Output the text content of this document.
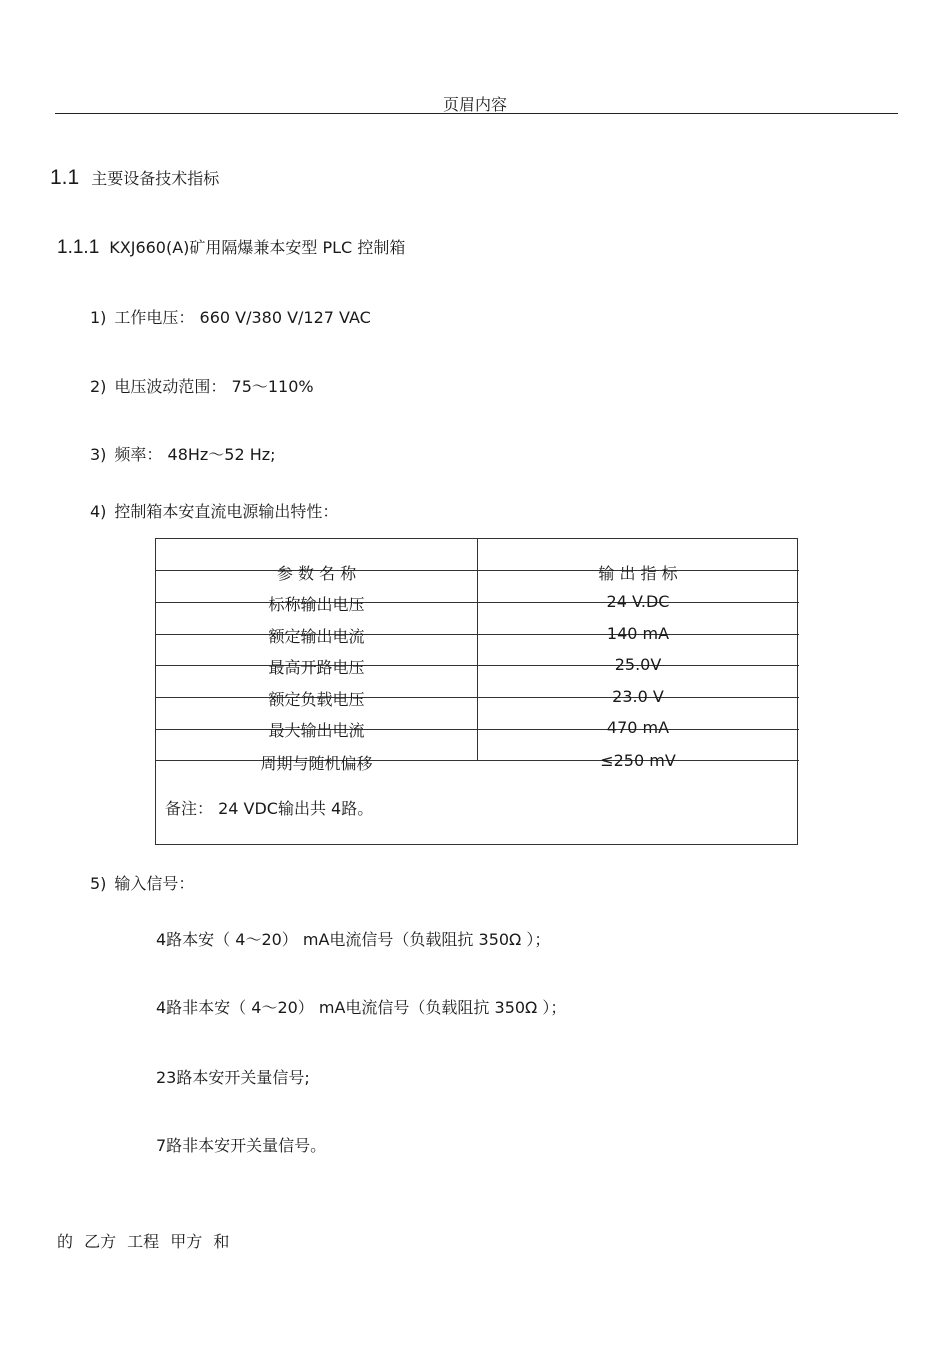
页眉内容
1.1 主要设备技术指标
1.1.1 KXJ660(A)矿用隔爆兼本安型 PLC 控制箱
1) 工作电压： 660 V/380 V/127 VAC
2) 电压波动范围： 75～110%
3) 频率： 48Hz～52 Hz;
4) 控制箱本安直流电源输出特性：
参 数 名 称	输 出 指 标
标称输出电压	24 V.DC
额定输出电流	140 mA
最高开路电压	25.0V
额定负载电压	23.0 V
最大输出电流	470 mA
周期与随机偏移	≤250 mV
备注： 24 VDC输出共 4路。
5) 输入信号：
4路本安（ 4～20） mA电流信号（负载阻抗 350Ω ）；
4路非本安（ 4～20） mA电流信号（负载阻抗 350Ω ）；
23路本安开关量信号;
7路非本安开关量信号。
的 乙方 工程 甲方 和
